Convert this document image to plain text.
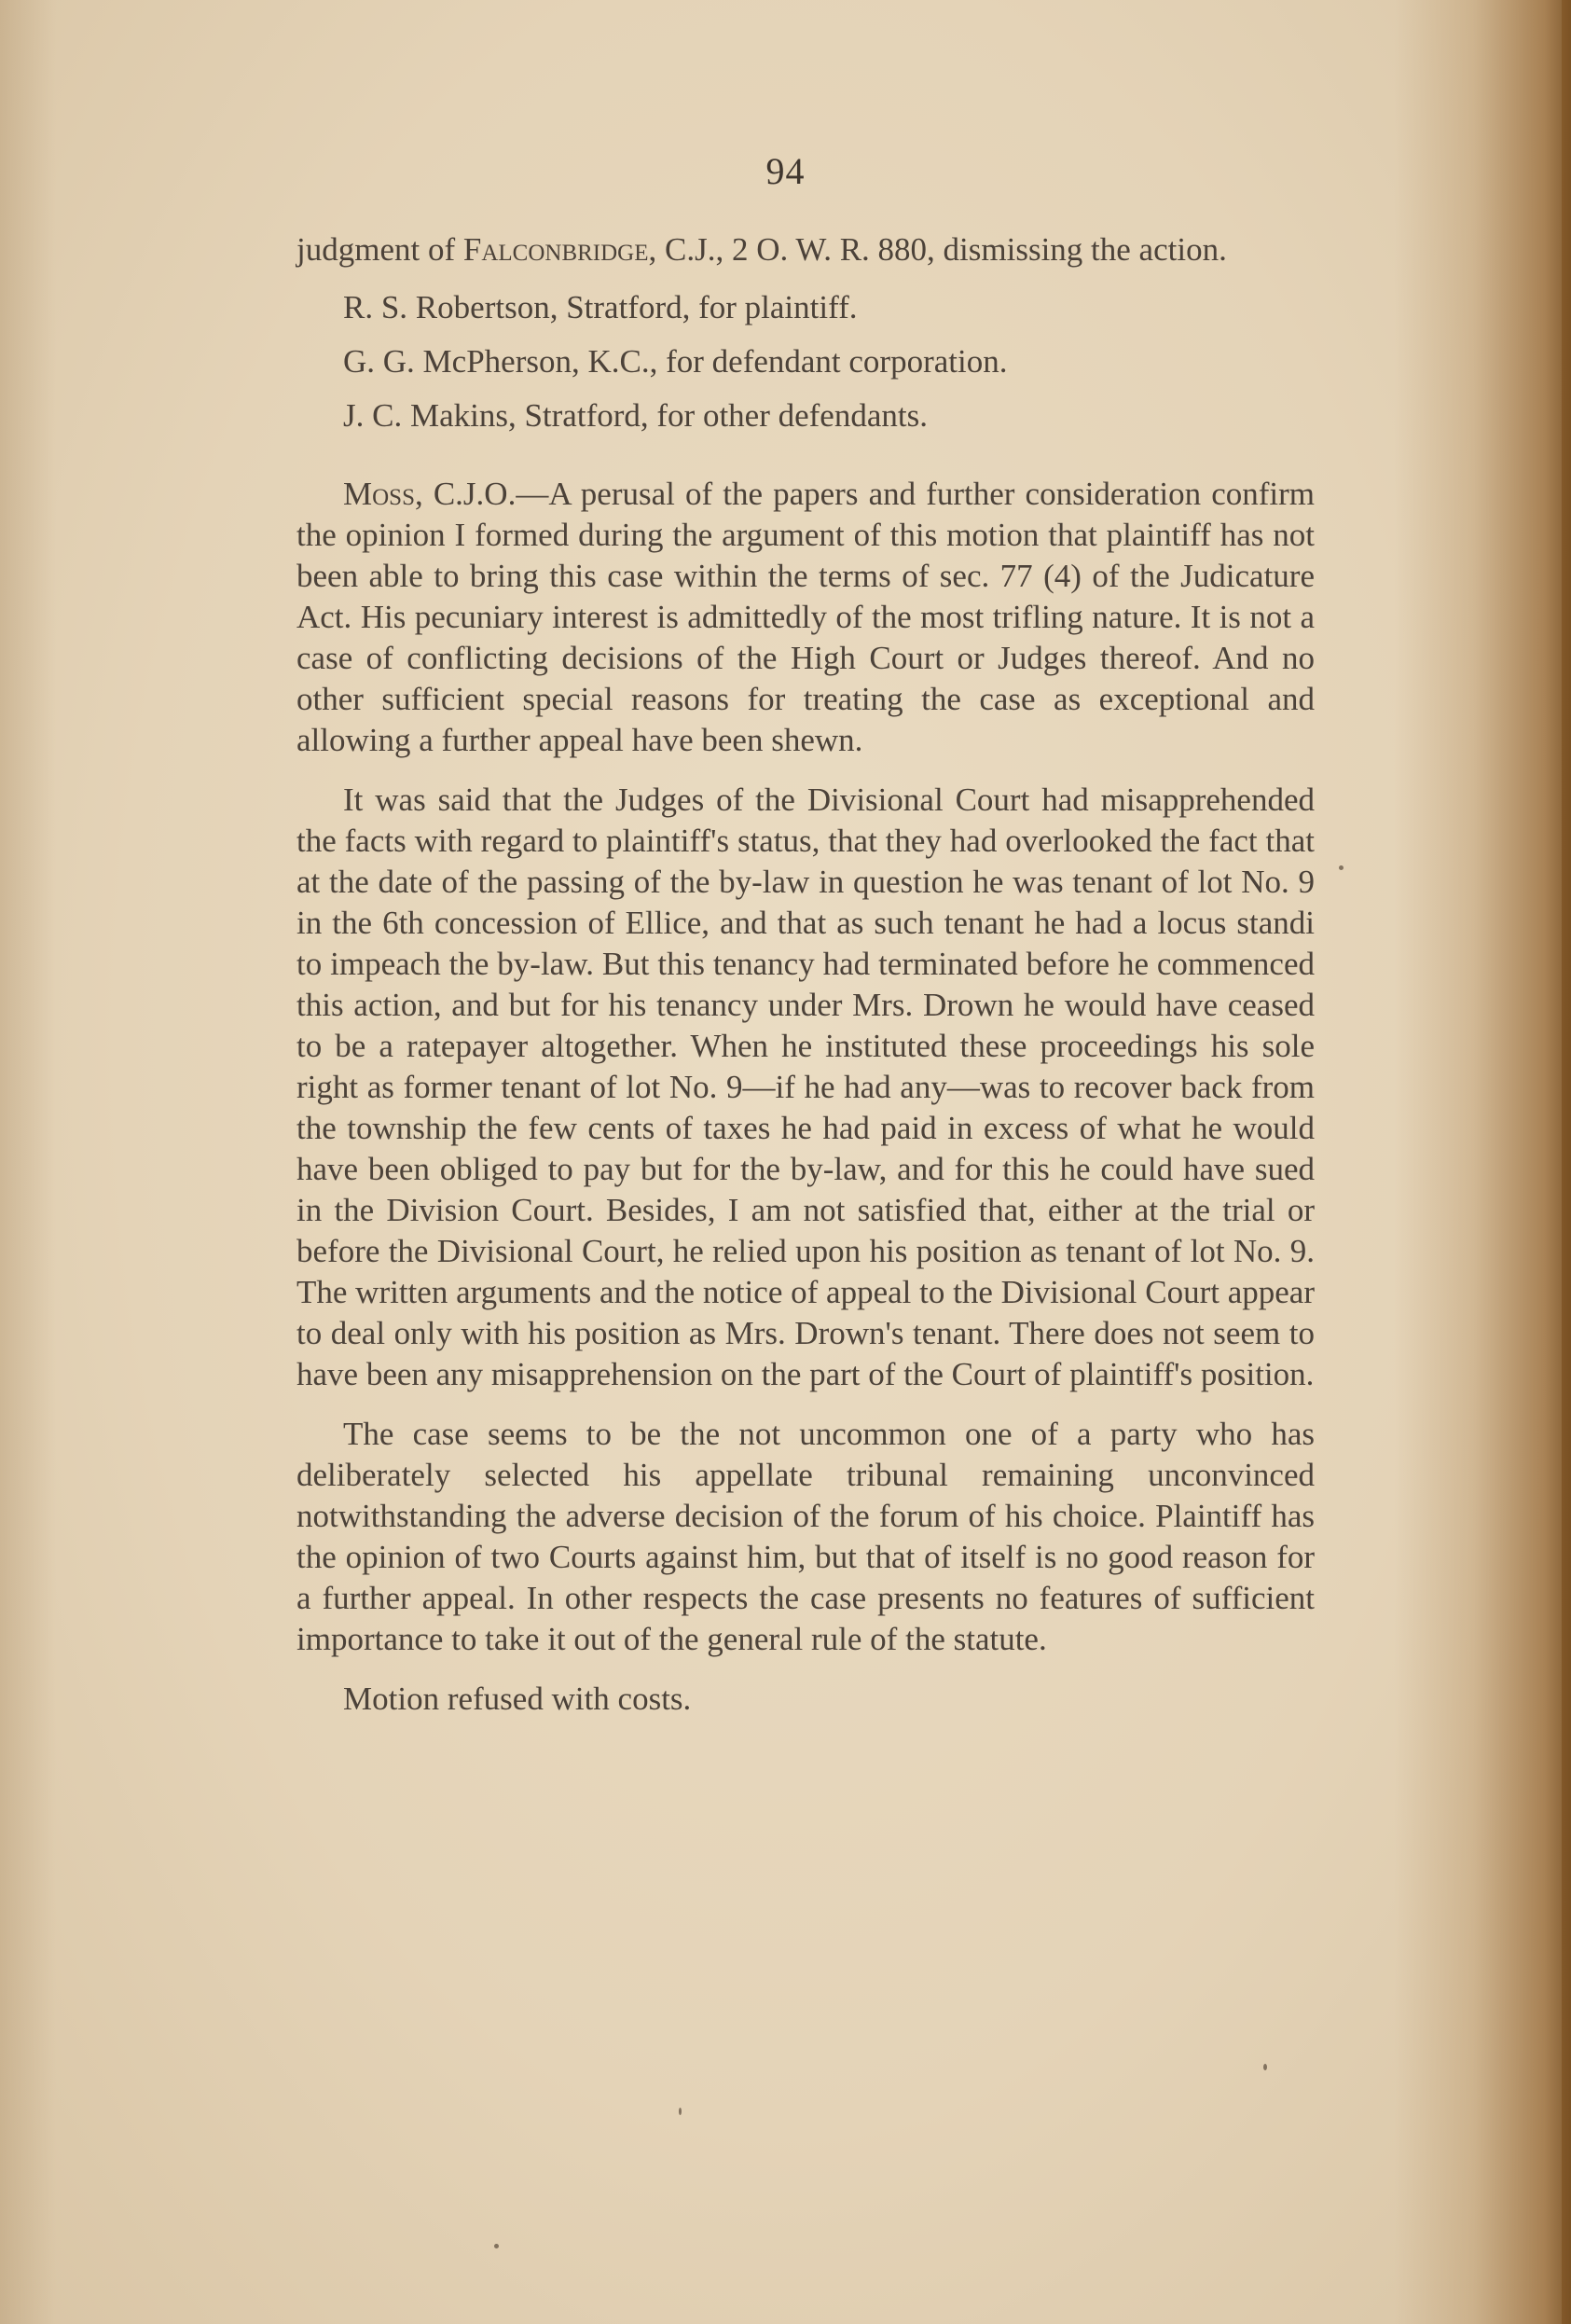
94

judgment of Falconbridge, C.J., 2 O. W. R. 880, dismissing the action.

R. S. Robertson, Stratford, for plaintiff.

G. G. McPherson, K.C., for defendant corporation.

J. C. Makins, Stratford, for other defendants.

Moss, C.J.O.—A perusal of the papers and further consideration confirm the opinion I formed during the argument of this motion that plaintiff has not been able to bring this case within the terms of sec. 77 (4) of the Judicature Act. His pecuniary interest is admittedly of the most trifling nature. It is not a case of conflicting decisions of the High Court or Judges thereof. And no other sufficient special reasons for treating the case as exceptional and allowing a further appeal have been shewn.

It was said that the Judges of the Divisional Court had misapprehended the facts with regard to plaintiff's status, that they had overlooked the fact that at the date of the passing of the by-law in question he was tenant of lot No. 9 in the 6th concession of Ellice, and that as such tenant he had a locus standi to impeach the by-law. But this tenancy had terminated before he commenced this action, and but for his tenancy under Mrs. Drown he would have ceased to be a ratepayer altogether. When he instituted these proceedings his sole right as former tenant of lot No. 9—if he had any—was to recover back from the township the few cents of taxes he had paid in excess of what he would have been obliged to pay but for the by-law, and for this he could have sued in the Division Court. Besides, I am not satisfied that, either at the trial or before the Divisional Court, he relied upon his position as tenant of lot No. 9. The written arguments and the notice of appeal to the Divisional Court appear to deal only with his position as Mrs. Drown's tenant. There does not seem to have been any misapprehension on the part of the Court of plaintiff's position.

The case seems to be the not uncommon one of a party who has deliberately selected his appellate tribunal remaining unconvinced notwithstanding the adverse decision of the forum of his choice. Plaintiff has the opinion of two Courts against him, but that of itself is no good reason for a further appeal. In other respects the case presents no features of sufficient importance to take it out of the general rule of the statute.

Motion refused with costs.
